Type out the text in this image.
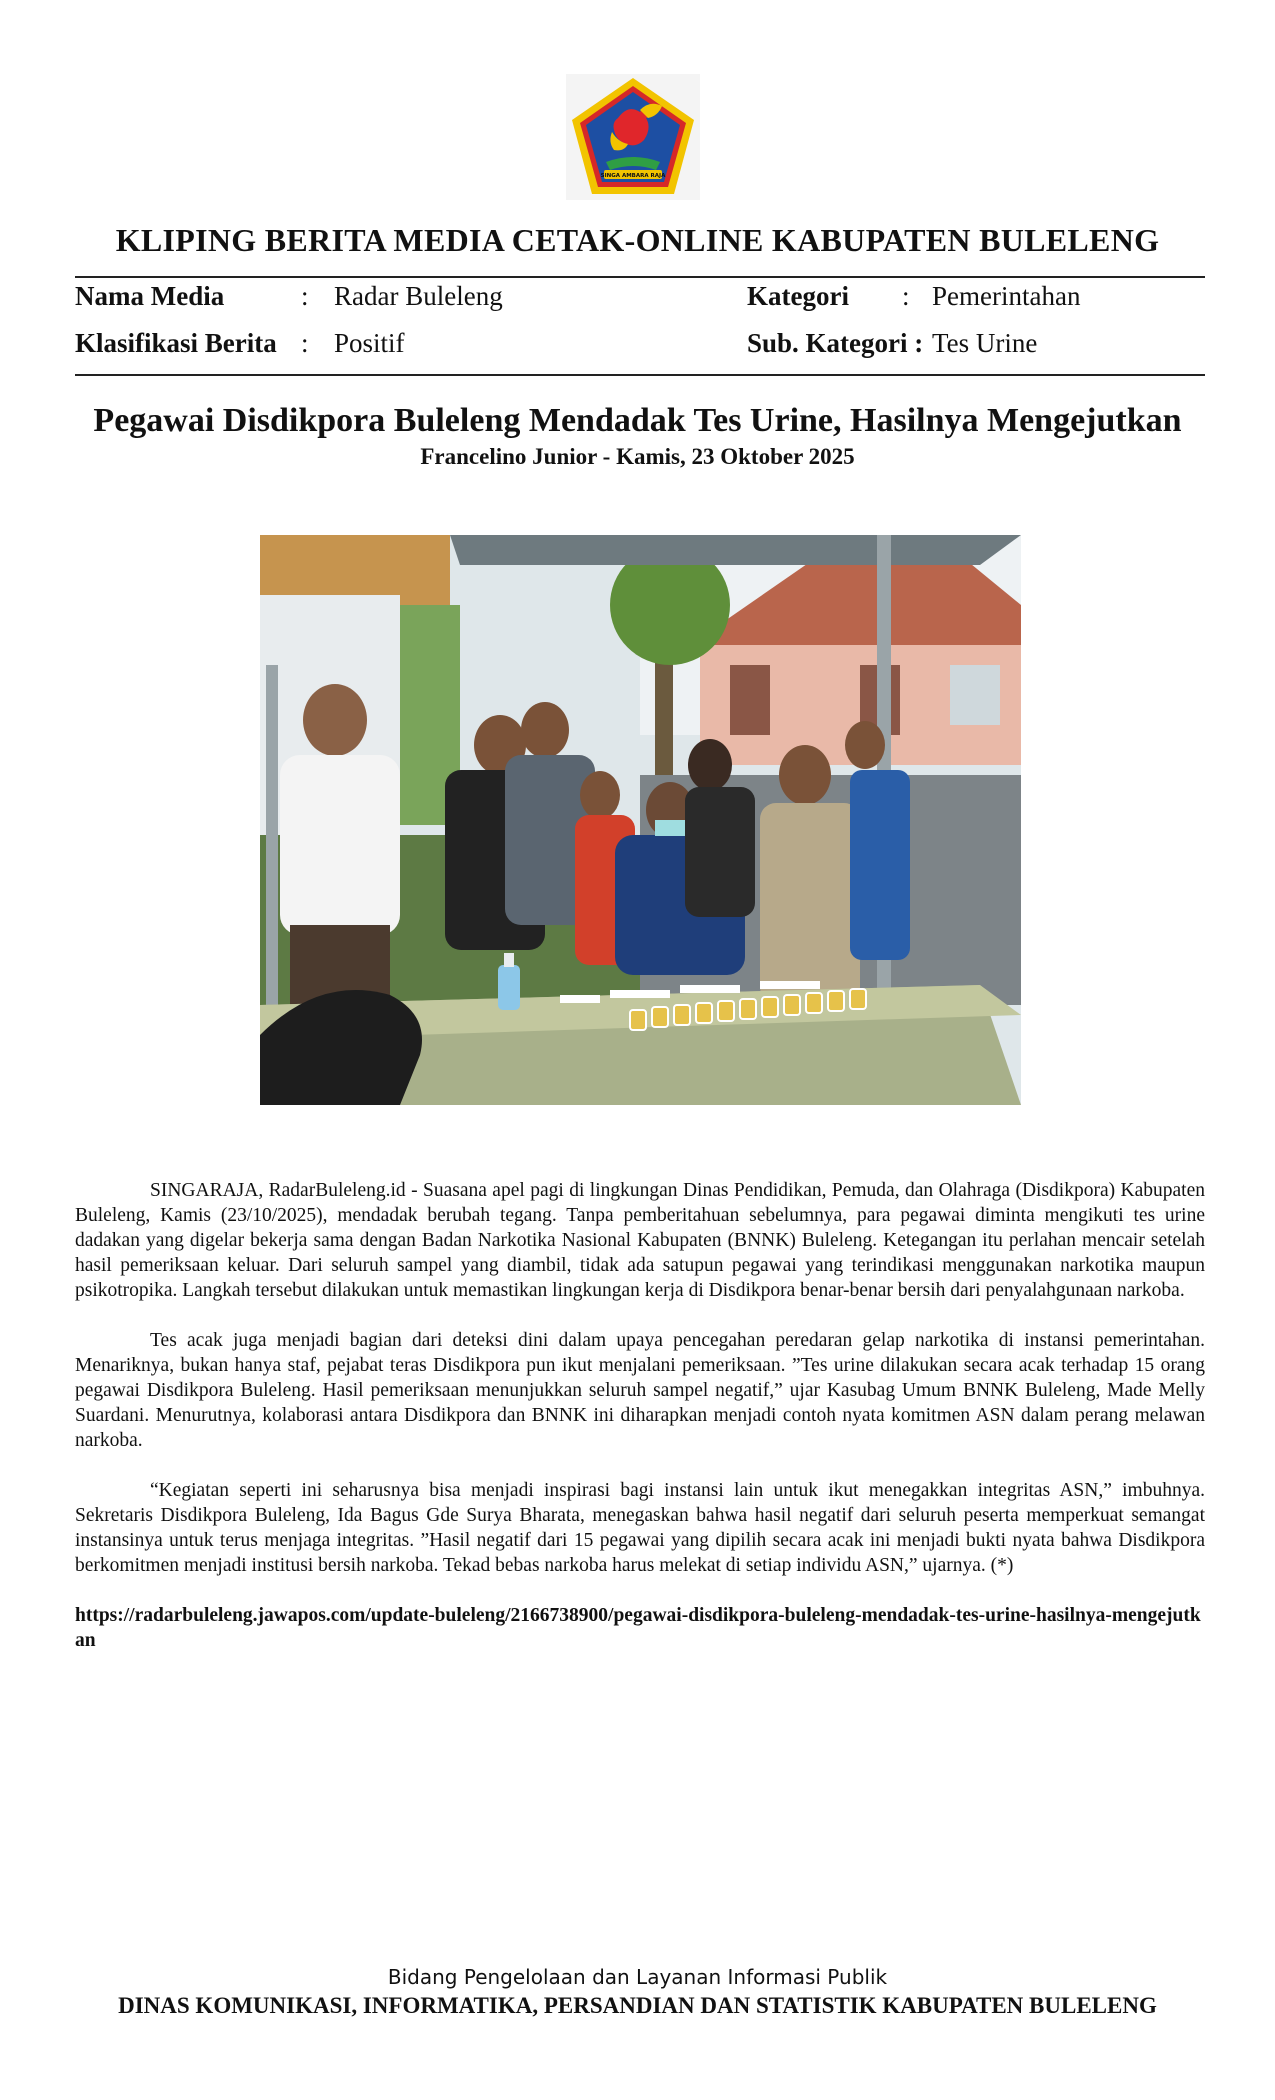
SINGA AMBARA RAJA
KLIPING BERITA MEDIA CETAK-ONLINE KABUPATEN BULELENG
Nama Media	: Radar Buleleng
Klasifikasi Berita : Positif
Kategori : Pemerintahan
Sub. Kategori : Tes Urine
Pegawai Disdikpora Buleleng Mendadak Tes Urine, Hasilnya Mengejutkan
Francelino Junior - Kamis, 23 Oktober 2025

SINGARAJA, RadarBuleleng.id - Suasana apel pagi di lingkungan Dinas Pendidikan, Pemuda, dan Olahraga (Disdikpora) Kabupaten Buleleng, Kamis (23/10/2025), mendadak berubah tegang. Tanpa pemberitahuan sebelumnya, para pegawai diminta mengikuti tes urine dadakan yang digelar bekerja sama dengan Badan Narkotika Nasional Kabupaten (BNNK) Buleleng. Ketegangan itu perlahan mencair setelah hasil pemeriksaan keluar. Dari seluruh sampel yang diambil, tidak ada satupun pegawai yang terindikasi menggunakan narkotika maupun psikotropika. Langkah tersebut dilakukan untuk memastikan lingkungan kerja di Disdikpora benar-benar bersih dari penyalahgunaan narkoba.

Tes acak juga menjadi bagian dari deteksi dini dalam upaya pencegahan peredaran gelap narkotika di instansi pemerintahan. Menariknya, bukan hanya staf, pejabat teras Disdikpora pun ikut menjalani pemeriksaan. ”Tes urine dilakukan secara acak terhadap 15 orang pegawai Disdikpora Buleleng. Hasil pemeriksaan menunjukkan seluruh sampel negatif,” ujar Kasubag Umum BNNK Buleleng, Made Melly Suardani. Menurutnya, kolaborasi antara Disdikpora dan BNNK ini diharapkan menjadi contoh nyata komitmen ASN dalam perang melawan narkoba.

“Kegiatan seperti ini seharusnya bisa menjadi inspirasi bagi instansi lain untuk ikut menegakkan integritas ASN,” imbuhnya. Sekretaris Disdikpora Buleleng, Ida Bagus Gde Surya Bharata, menegaskan bahwa hasil negatif dari seluruh peserta memperkuat semangat instansinya untuk terus menjaga integritas. ”Hasil negatif dari 15 pegawai yang dipilih secara acak ini menjadi bukti nyata bahwa Disdikpora berkomitmen menjadi institusi bersih narkoba. Tekad bebas narkoba harus melekat di setiap individu ASN,” ujarnya. (*)

https://radarbuleleng.jawapos.com/update-buleleng/2166738900/pegawai-disdikpora-buleleng-mendadak-tes-urine-hasilnya-mengejutkan

Bidang Pengelolaan dan Layanan Informasi Publik
DINAS KOMUNIKASI, INFORMATIKA, PERSANDIAN DAN STATISTIK KABUPATEN BULELENG
